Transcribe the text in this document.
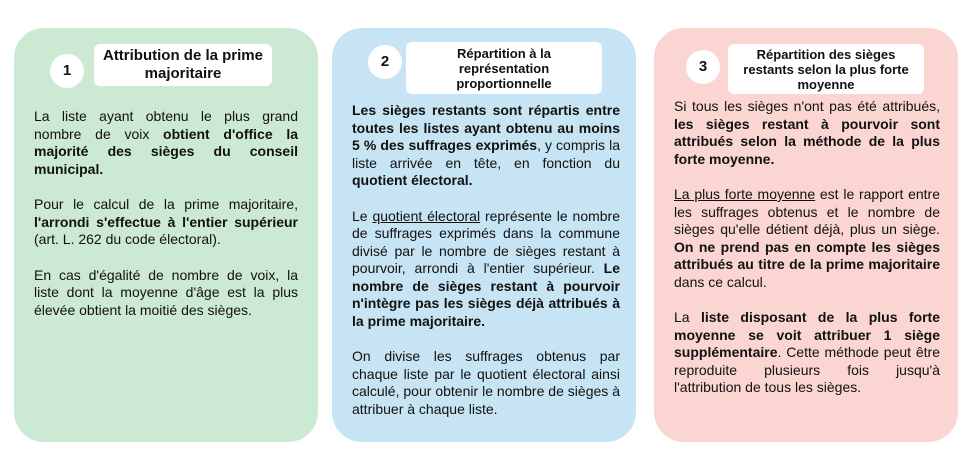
1
Attribution de la prime
majoritaire

La liste ayant obtenu le plus grand nombre de voix obtient d'office la majorité des sièges du conseil municipal.

Pour le calcul de la prime majoritaire, l'arrondi s'effectue à l'entier supérieur (art. L. 262 du code électoral).

En cas d'égalité de nombre de voix, la liste dont la moyenne d'âge est la plus élevée obtient la moitié des sièges.

2	Répartition à la
représentation
proportionnelle

Les sièges restants sont répartis entre toutes les listes ayant obtenu au moins 5 % des suffrages exprimés, y compris la liste arrivée en tête, en fonction du quotient électoral.

Le quotient électoral représente le nombre de suffrages exprimés dans la commune divisé par le nombre de sièges restant à pourvoir, arrondi à l'entier supérieur. Le nombre de sièges restant à pourvoir n'intègre pas les sièges déjà attribués à la prime majoritaire.

On divise les suffrages obtenus par chaque liste par le quotient électoral ainsi calculé, pour obtenir le nombre de sièges à attribuer à chaque liste.

3
Répartition des sièges
restants selon la plus forte
moyenne

Si tous les sièges n'ont pas été attribués, les sièges restant à pourvoir sont attribués selon la méthode de la plus forte moyenne.

La plus forte moyenne est le rapport entre les suffrages obtenus et le nombre de sièges qu'elle détient déjà, plus un siège. On ne prend pas en compte les sièges attribués au titre de la prime majoritaire dans ce calcul.

La liste disposant de la plus forte moyenne se voit attribuer 1 siège supplémentaire. Cette méthode peut être reproduite plusieurs fois jusqu'à l'attribution de tous les sièges.
